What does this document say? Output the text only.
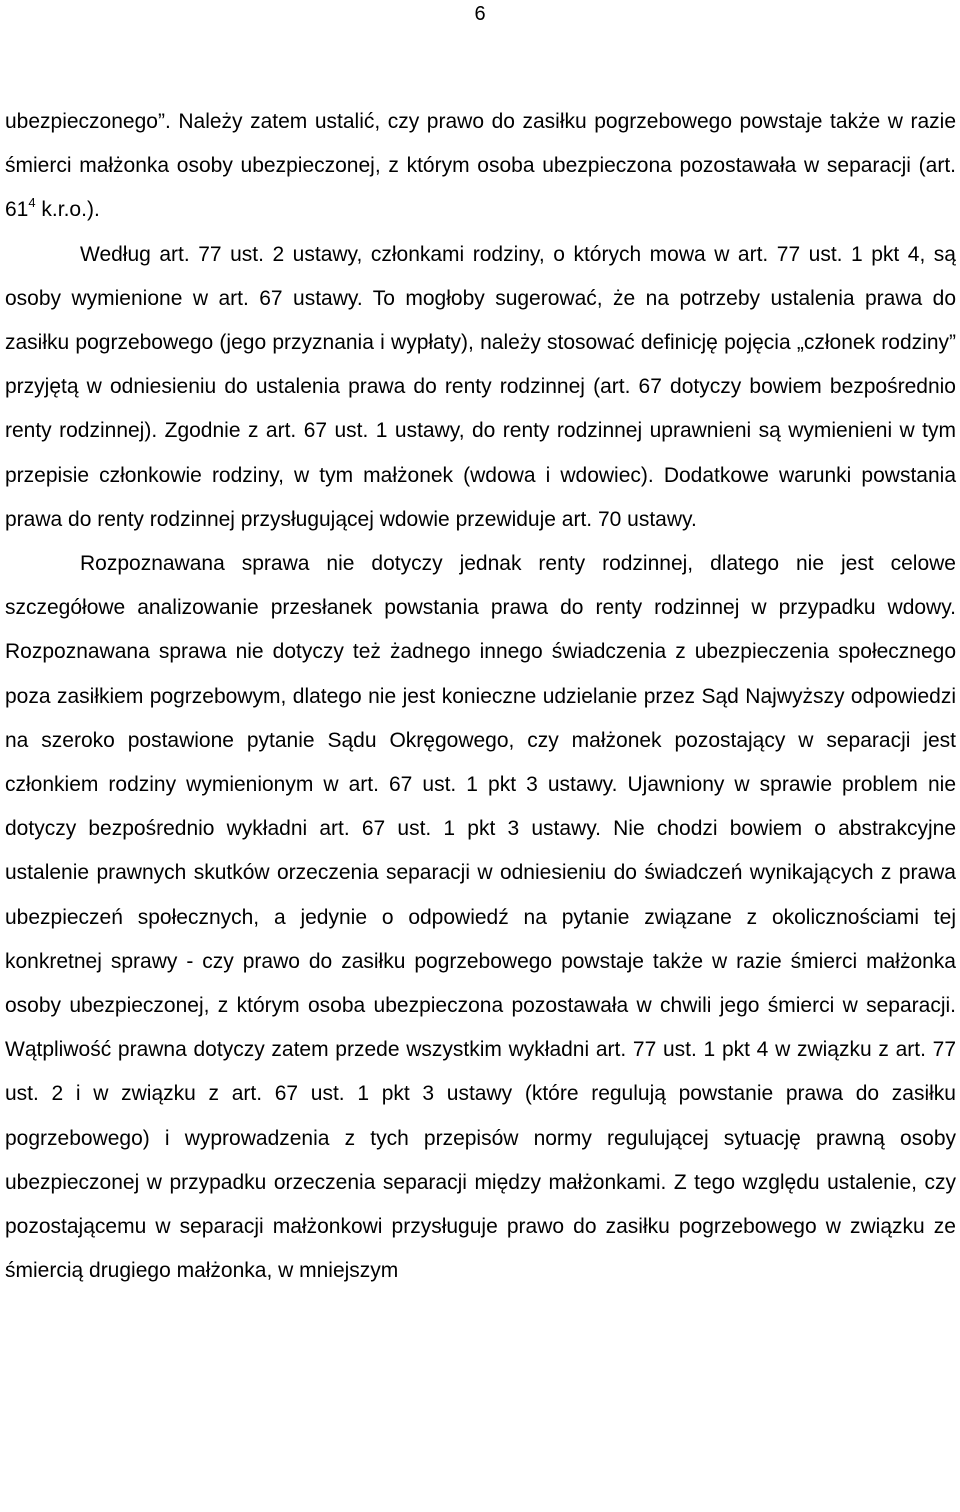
6

ubezpieczonego”. Należy zatem ustalić, czy prawo do zasiłku pogrzebowego powstaje także w razie śmierci małżonka osoby ubezpieczonej, z którym osoba ubezpieczona pozostawała w separacji (art. $61^4$ k.r.o.).

Według art. 77 ust. 2 ustawy, członkami rodziny, o których mowa w art. 77 ust. 1 pkt 4, są osoby wymienione w art. 67 ustawy. To mogłoby sugerować, że na potrzeby ustalenia prawa do zasiłku pogrzebowego (jego przyznania i wypłaty), należy stosować definicję pojęcia „członek rodziny” przyjętą w odniesieniu do ustalenia prawa do renty rodzinnej (art. 67 dotyczy bowiem bezpośrednio renty rodzinnej). Zgodnie z art. 67 ust. 1 ustawy, do renty rodzinnej uprawnieni są wymienieni w tym przepisie członkowie rodziny, w tym małżonek (wdowa i wdowiec). Dodatkowe warunki powstania prawa do renty rodzinnej przysługującej wdowie przewiduje art. 70 ustawy.

Rozpoznawana sprawa nie dotyczy jednak renty rodzinnej, dlatego nie jest celowe szczegółowe analizowanie przesłanek powstania prawa do renty rodzinnej w przypadku wdowy. Rozpoznawana sprawa nie dotyczy też żadnego innego świadczenia z ubezpieczenia społecznego poza zasiłkiem pogrzebowym, dlatego nie jest konieczne udzielanie przez Sąd Najwyższy odpowiedzi na szeroko postawione pytanie Sądu Okręgowego, czy małżonek pozostający w separacji jest członkiem rodziny wymienionym w art. 67 ust. 1 pkt 3 ustawy. Ujawniony w sprawie problem nie dotyczy bezpośrednio wykładni art. 67 ust. 1 pkt 3 ustawy. Nie chodzi bowiem o abstrakcyjne ustalenie prawnych skutków orzeczenia separacji w odniesieniu do świadczeń wynikających z prawa ubezpieczeń społecznych, a jedynie o odpowiedź na pytanie związane z okolicznościami tej konkretnej sprawy - czy prawo do zasiłku pogrzebowego powstaje także w razie śmierci małżonka osoby ubezpieczonej, z którym osoba ubezpieczona pozostawała w chwili jego śmierci w separacji. Wątpliwość prawna dotyczy zatem przede wszystkim wykładni art. 77 ust. 1 pkt 4 w związku z art. 77 ust. 2 i w związku z art. 67 ust. 1 pkt 3 ustawy (które regulują powstanie prawa do zasiłku pogrzebowego) i wyprowadzenia z tych przepisów normy regulującej sytuację prawną osoby ubezpieczonej w przypadku orzeczenia separacji między małżonkami. Z tego względu ustalenie, czy pozostającemu w separacji małżonkowi przysługuje prawo do zasiłku pogrzebowego w związku ze śmiercią drugiego małżonka, w mniejszym
